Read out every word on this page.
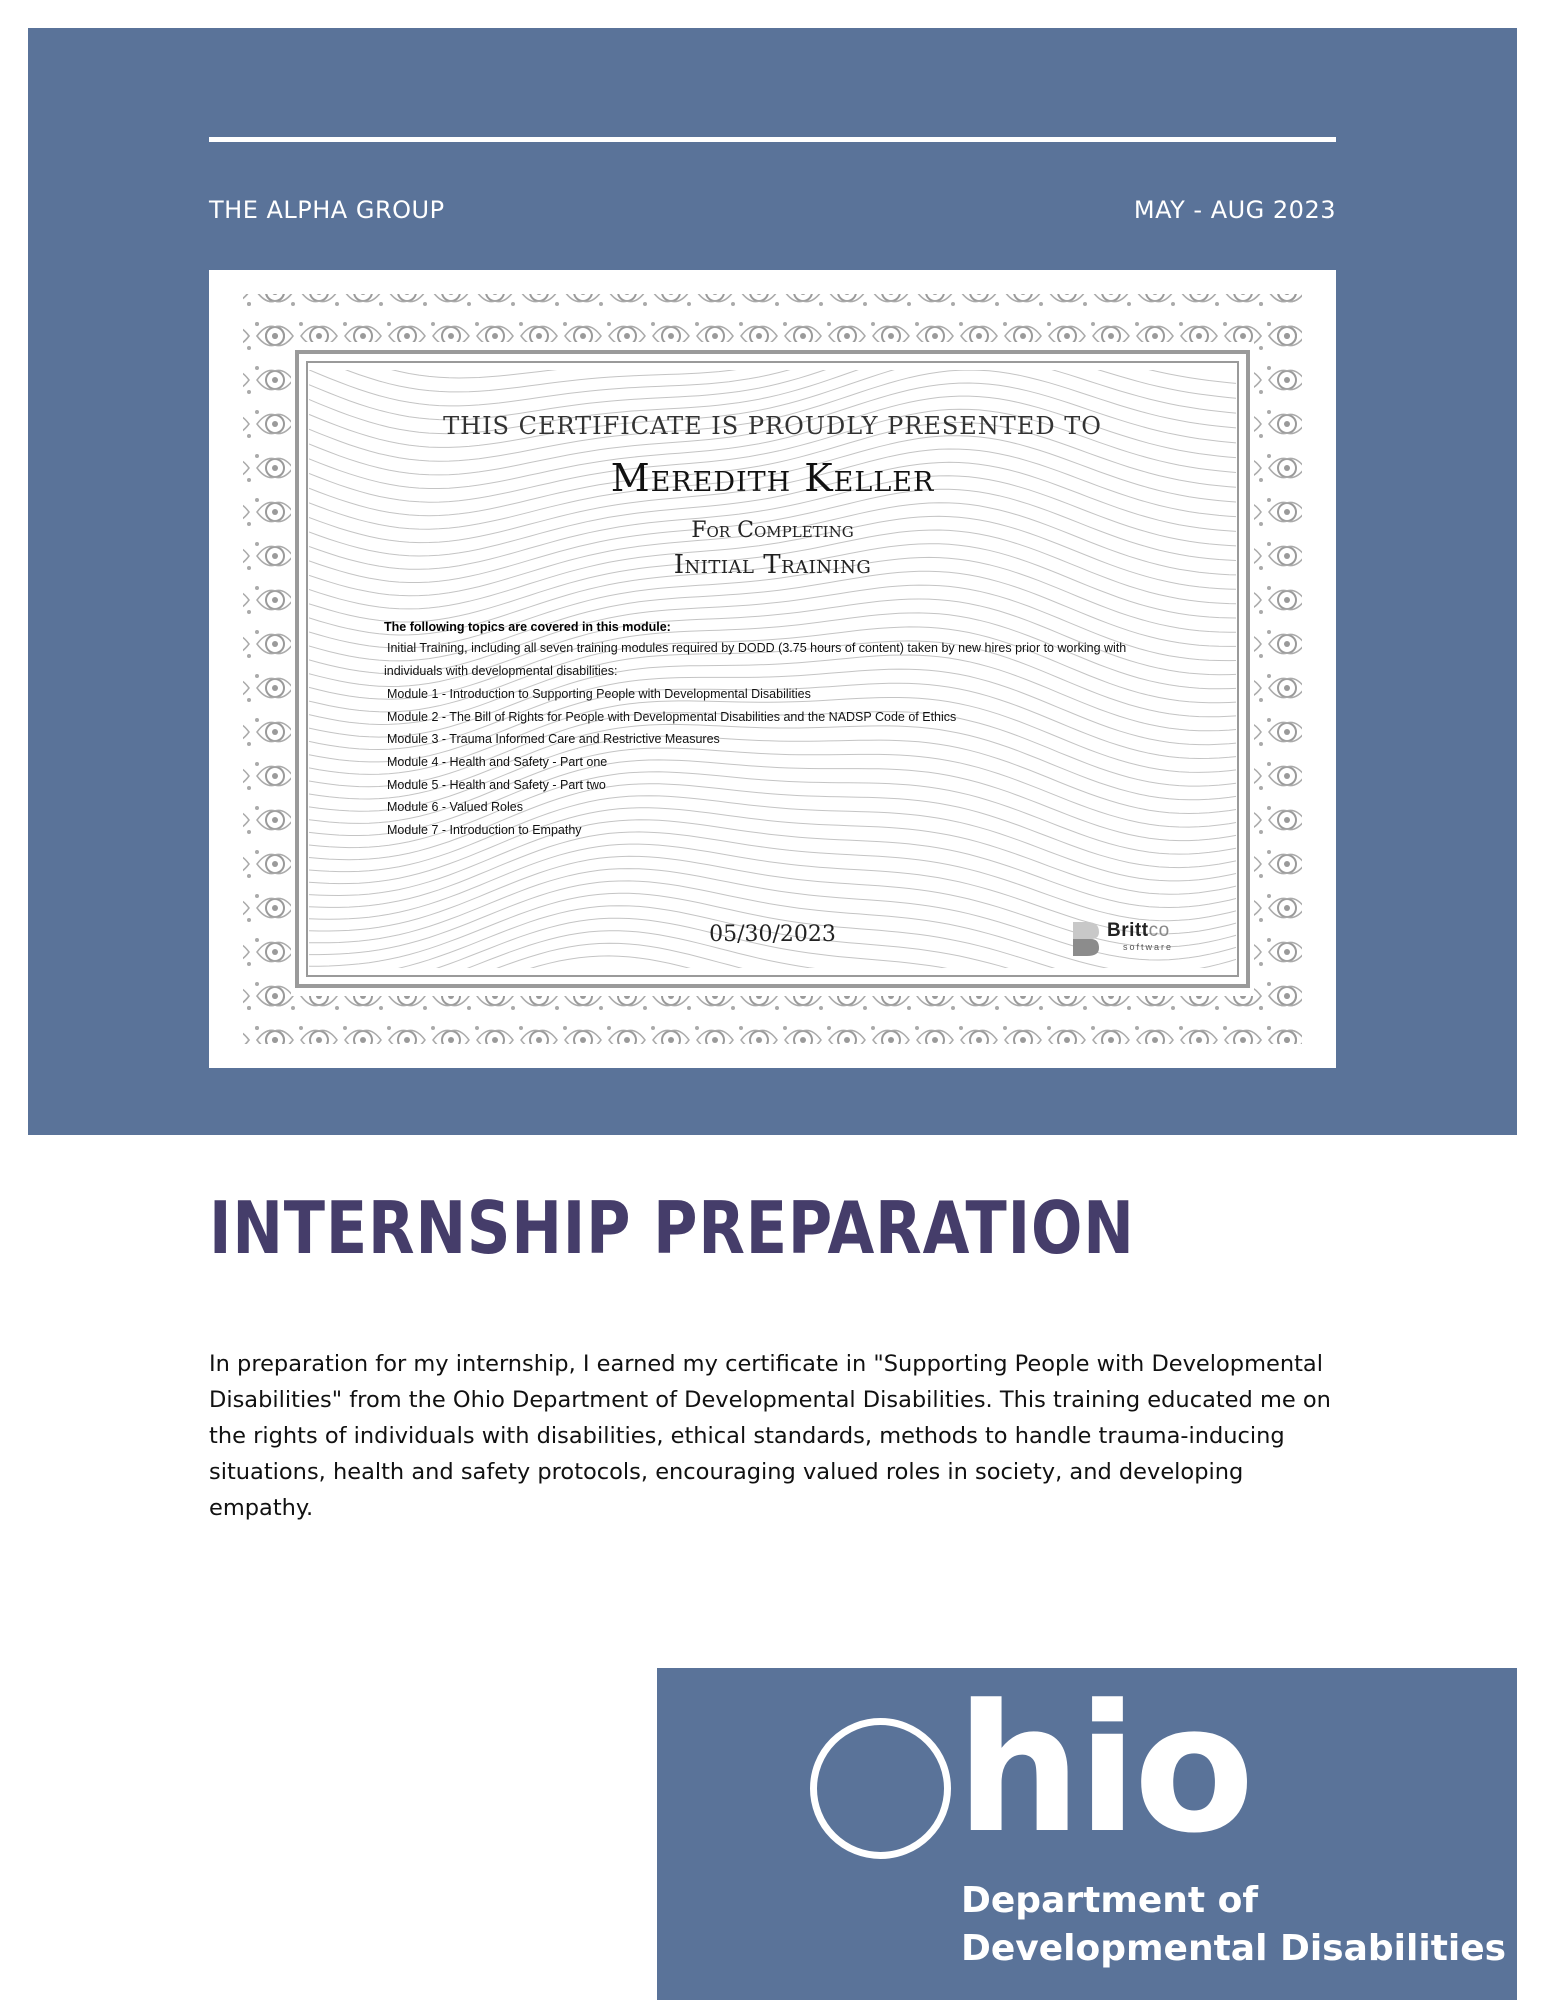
THE ALPHA GROUP	MAY - AUG 2023
THIS CERTIFICATE IS PROUDLY PRESENTED TO
Meredith Keller
For Completing
Initial Training
The following topics are covered in this module:
Initial Training, including all seven training modules required by DODD (3.75 hours of content) taken by new hires prior to working with individuals with developmental disabilities:
Module 1 - Introduction to Supporting People with Developmental Disabilities
Module 2 - The Bill of Rights for People with Developmental Disabilities and the NADSP Code of Ethics
Module 3 - Trauma Informed Care and Restrictive Measures
Module 4 - Health and Safety - Part one
Module 5 - Health and Safety - Part two
Module 6 - Valued Roles
Module 7 - Introduction to Empathy
05/30/2023	Brittco
software
INTERNSHIP PREPARATION
In preparation for my internship, I earned my certificate in "Supporting People with Developmental Disabilities" from the Ohio Department of Developmental Disabilities. This training educated me on the rights of individuals with disabilities, ethical standards, methods to handle trauma-inducing situations, health and safety protocols, encouraging valued roles in society, and developing empathy.
hio
Department of
Developmental Disabilities
